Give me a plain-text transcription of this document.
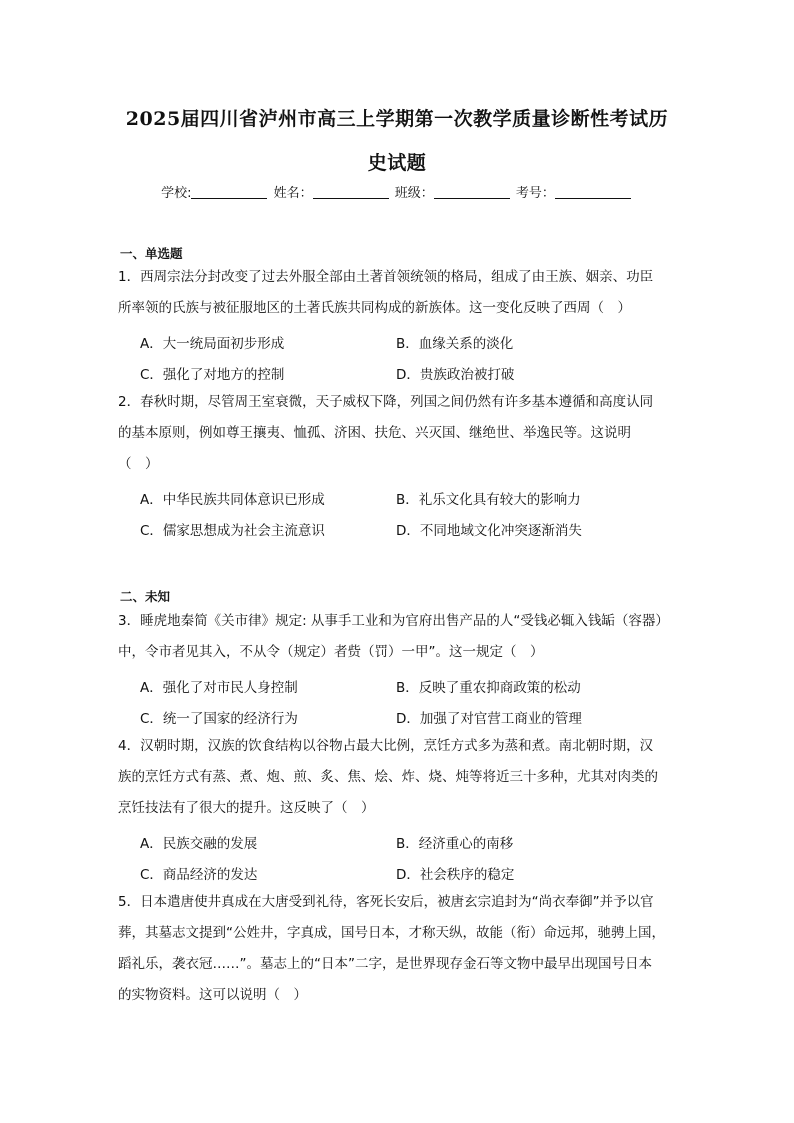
2025届四川省泸州市高三上学期第一次教学质量诊断性考试历
史试题
学校:	姓名：	班级：	考号：
一、单选题
1．西周宗法分封改变了过去外服全部由土著首领统领的格局，组成了由王族、姻亲、功臣
所率领的氏族与被征服地区的土著氏族共同构成的新族体。这一变化反映了西周（　）
A．大一统局面初步形成	B．血缘关系的淡化
C．强化了对地方的控制	D．贵族政治被打破
2．春秋时期，尽管周王室衰微，天子威权下降，列国之间仍然有许多基本遵循和高度认同
的基本原则，例如尊王攘夷、恤孤、济困、扶危、兴灭国、继绝世、举逸民等。这说明
（　）
A．中华民族共同体意识已形成	B．礼乐文化具有较大的影响力
C．儒家思想成为社会主流意识	D．不同地域文化冲突逐渐消失
二、未知
3．睡虎地秦简《关市律》规定: 从事手工业和为官府出售产品的人“受钱必辄入钱缿（容器）
中，令市者见其入，不从令（规定）者赀（罚）一甲”。这一规定（　）
A．强化了对市民人身控制	B．反映了重农抑商政策的松动
C．统一了国家的经济行为	D．加强了对官营工商业的管理
4．汉朝时期，汉族的饮食结构以谷物占最大比例，烹饪方式多为蒸和煮。南北朝时期，汉
族的烹饪方式有蒸、煮、炮、煎、炙、焦、烩、炸、烧、炖等将近三十多种，尤其对肉类的
烹饪技法有了很大的提升。这反映了（　）
A．民族交融的发展	B．经济重心的南移
C．商品经济的发达	D．社会秩序的稳定
5．日本遣唐使井真成在大唐受到礼待，客死长安后，被唐玄宗追封为“尚衣奉御”并予以官
葬，其墓志文提到“公姓井，字真成，国号日本，才称天纵，故能（衔）命远邦，驰骋上国，
蹈礼乐，袭衣冠……”。墓志上的“日本”二字，是世界现存金石等文物中最早出现国号日本
的实物资料。这可以说明（　）
